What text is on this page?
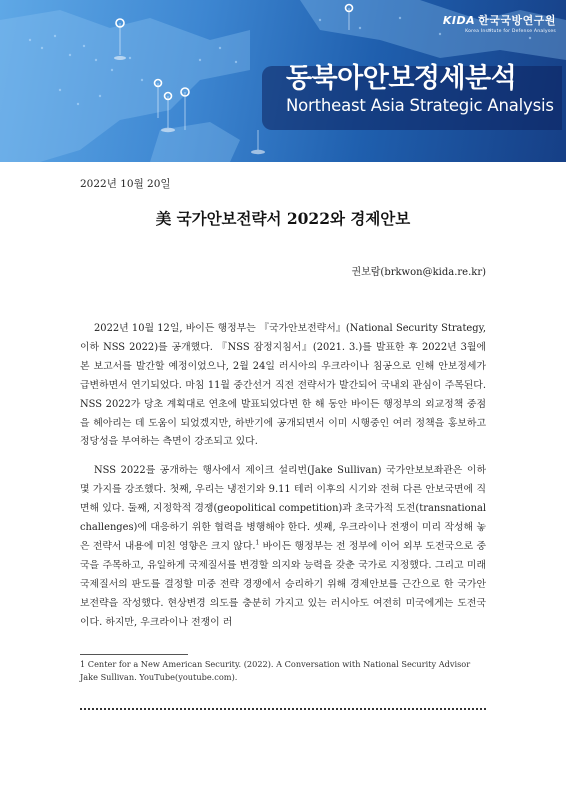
KIDA 한국국방연구원
Korea Institute for Defense Analyses
동북아안보정세분석
Northeast Asia Strategic Analysis
2022년 10월 20일
美 국가안보전략서 2022와 경제안보
권보람(brkwon@kida.re.kr)

2022년 10월 12일, 바이든 행정부는 『국가안보전략서』(National Security Strategy, 이하 NSS 2022)를 공개했다. 『NSS 잠정지침서』(2021. 3.)를 발표한 후 2022년 3월에 본 보고서를 발간할 예정이었으나, 2월 24일 러시아의 우크라이나 침공으로 인해 안보정세가 급변하면서 연기되었다. 마침 11월 중간선거 직전 전략서가 발간되어 국내외 관심이 주목된다. NSS 2022가 당초 계획대로 연초에 발표되었다면 한 해 동안 바이든 행정부의 외교정책 중점을 헤아리는 데 도움이 되었겠지만, 하반기에 공개되면서 이미 시행중인 여러 정책을 홍보하고 정당성을 부여하는 측면이 강조되고 있다.

NSS 2022를 공개하는 행사에서 제이크 설리번(Jake Sullivan) 국가안보보좌관은 이하 몇 가지를 강조했다. 첫째, 우리는 냉전기와 9.11 테러 이후의 시기와 전혀 다른 안보국면에 직면해 있다. 둘째, 지정학적 경쟁(geopolitical competition)과 초국가적 도전(transnational challenges)에 대응하기 위한 협력을 병행해야 한다. 셋째, 우크라이나 전쟁이 미리 작성해 놓은 전략서 내용에 미친 영향은 크지 않다.$^1$ 바이든 행정부는 전 정부에 이어 외부 도전국으로 중국을 주목하고, 유일하게 국제질서를 변경할 의지와 능력을 갖춘 국가로 지정했다. 그리고 미래 국제질서의 판도를 결정할 미중 전략 경쟁에서 승리하기 위해 경제안보를 근간으로 한 국가안보전략을 작성했다. 현상변경 의도를 충분히 가지고 있는 러시아도 여전히 미국에게는 도전국이다. 하지만, 우크라이나 전쟁이 러

1 Center for a New American Security. (2022). A Conversation with National Security Advisor Jake Sullivan. YouTube(youtube.com).
